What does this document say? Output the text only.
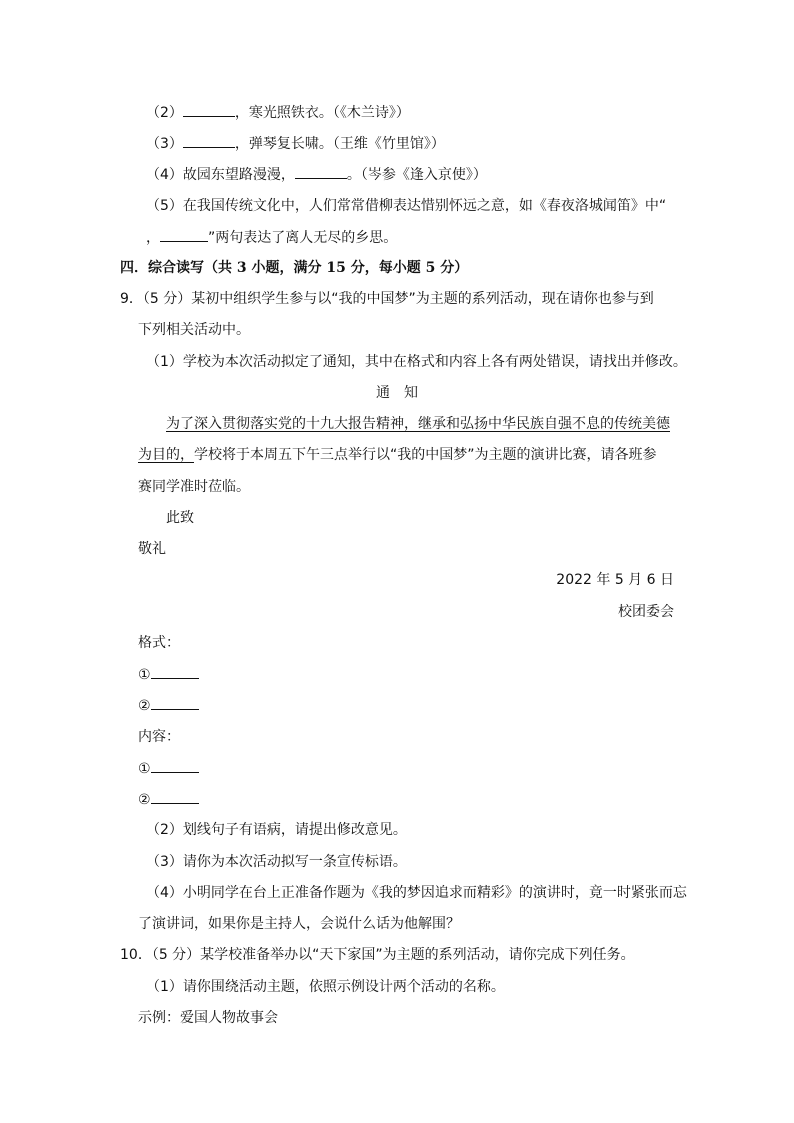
（2）	，寒光照铁衣。（《木兰诗》）
（3）	，弹琴复长啸。（王维《竹里馆》）
（4）故园东望路漫漫，	。（岑参《逢入京使》）
（5）在我国传统文化中，人们常常借柳表达惜别怀远之意，如《春夜洛城闻笛》中“
，	”两句表达了离人无尽的乡思。
四．综合读写（共 3 小题，满分 15 分，每小题 5 分）
9．（5 分）某初中组织学生参与以“我的中国梦”为主题的系列活动，现在请你也参与到
下列相关活动中。
（1）学校为本次活动拟定了通知，其中在格式和内容上各有两处错误，请找出并修改。
通　知
为了深入贯彻落实党的十九大报告精神，继承和弘扬中华民族自强不息的传统美德
为目的，学校将于本周五下午三点举行以“我的中国梦”为主题的演讲比赛，请各班参
赛同学准时莅临。
此致
敬礼
2022 年 5 月 6 日
校团委会
格式：
①
②
内容：
①
②
（2）划线句子有语病，请提出修改意见。
（3）请你为本次活动拟写一条宣传标语。
（4）小明同学在台上正准备作题为《我的梦因追求而精彩》的演讲时，竟一时紧张而忘
了演讲词，如果你是主持人，会说什么话为他解围？
10．（5 分）某学校准备举办以“天下家国”为主题的系列活动，请你完成下列任务。
（1）请你围绕活动主题，依照示例设计两个活动的名称。
示例：爱国人物故事会
